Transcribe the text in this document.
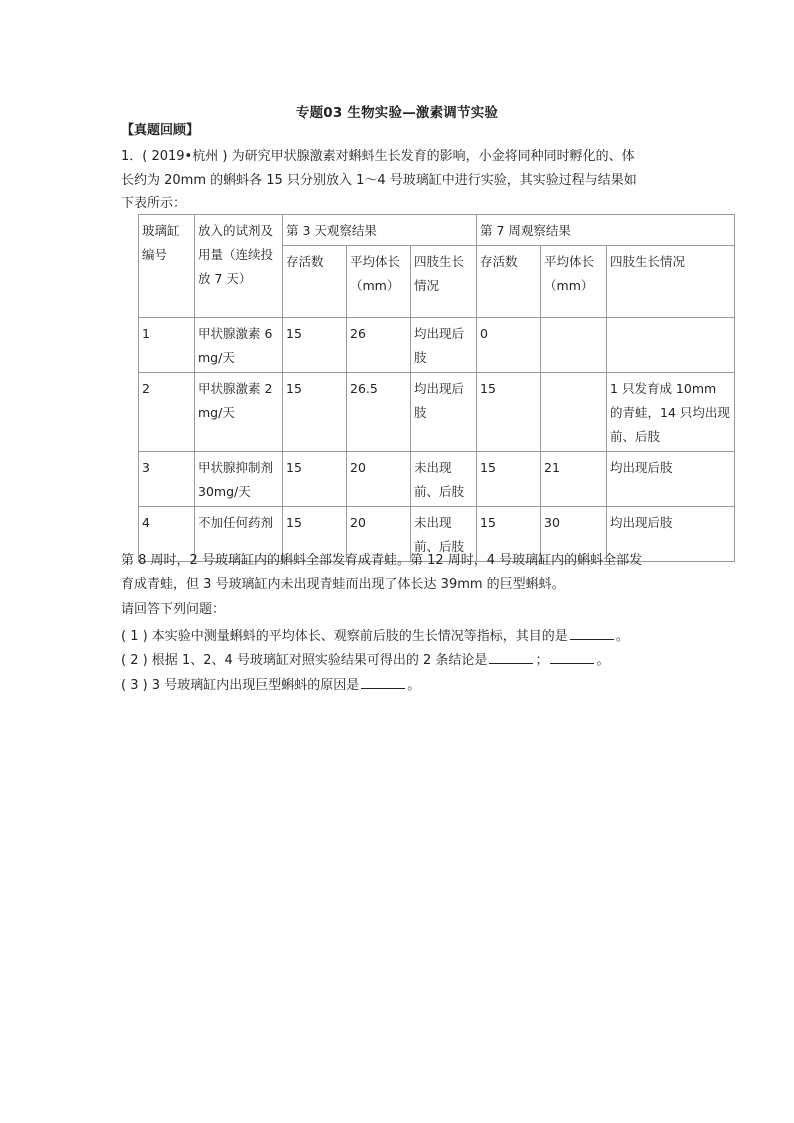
专题03 生物实验—激素调节实验
【真题回顾】
1．( 2019•杭州 ) 为研究甲状腺激素对蝌蚪生长发育的影响，小金将同种同时孵化的、体
长约为 20mm 的蝌蚪各 15 只分别放入 1～4 号玻璃缸中进行实验，其实验过程与结果如
下表所示：
玻璃缸编号	放入的试剂及用量（连续投放 7 天）	第 3 天观察结果			第 7 周观察结果		
		存活数	平均体长（mm）	四肢生长情况	存活数	平均体长（mm）	四肢生长情况
1	甲状腺激素 6mg/天	15	26	均出现后肢	0		
2	甲状腺激素 2mg/天	15	26.5	均出现后肢	15		1 只发育成 10mm 的青蛙，14 只均出现前、后肢
3	甲状腺抑制剂 30mg/天	15	20	未出现前、后肢	15	21	均出现后肢
4	不加任何药剂	15	20	未出现前、后肢	15	30	均出现后肢
第 8 周时，2 号玻璃缸内的蝌蚪全部发育成青蛙。第 12 周时，4 号玻璃缸内的蝌蚪全部发
育成青蛙，但 3 号玻璃缸内未出现青蛙而出现了体长达 39mm 的巨型蝌蚪。
请回答下列问题：
( 1 ) 本实验中测量蝌蚪的平均体长、观察前后肢的生长情况等指标，其目的是	。
( 2 ) 根据 1、2、4 号玻璃缸对照实验结果可得出的 2 条结论是	；	。
( 3 ) 3 号玻璃缸内出现巨型蝌蚪的原因是	。
